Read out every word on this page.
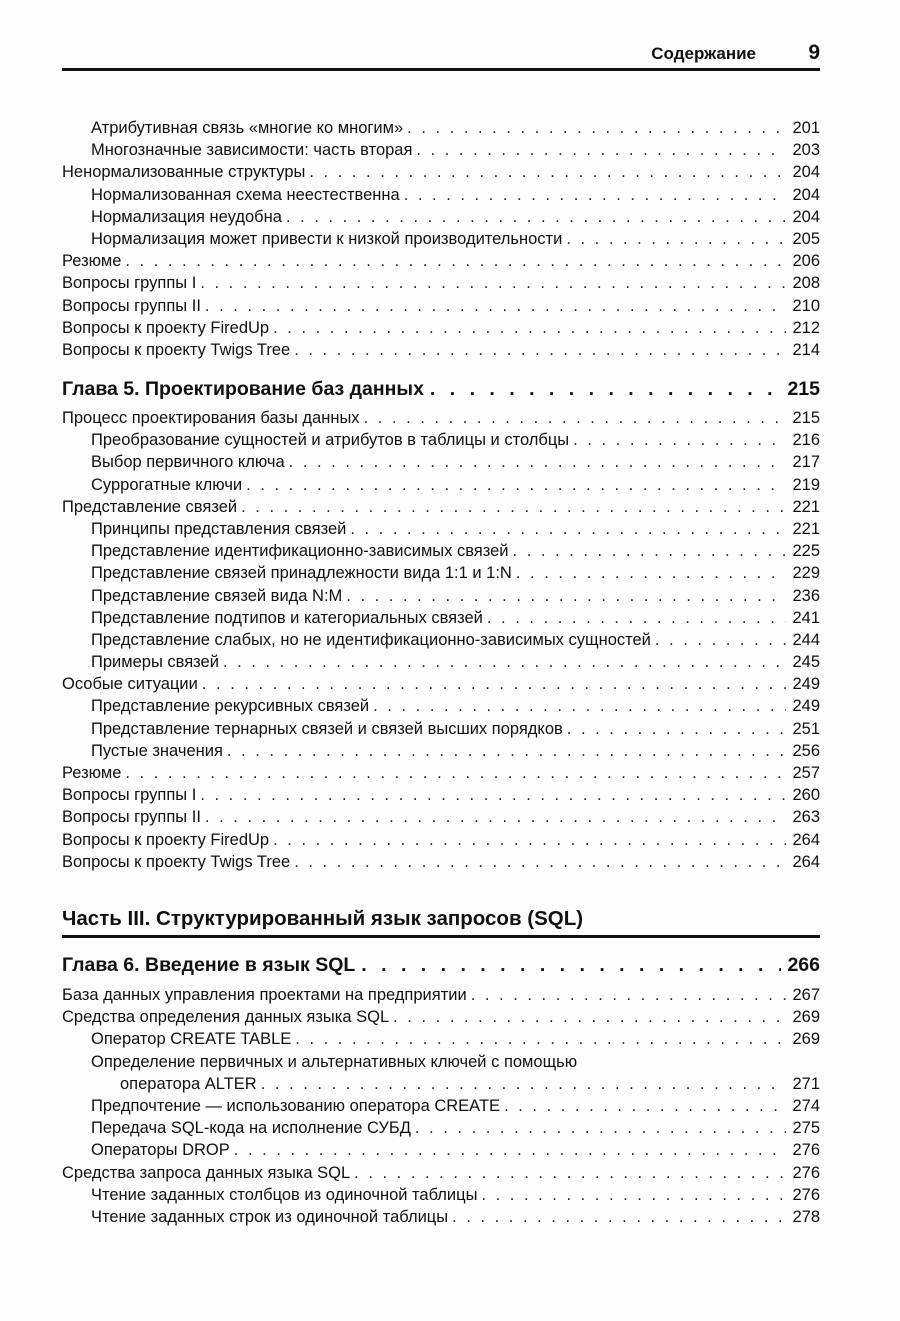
Содержание 9
Атрибутивная связь «многие ко многим» . . .	201
Многозначные зависимости: часть вторая . . .	203
Ненормализованные структуры . . .	204
Нормализованная схема неестественна . . .	204
Нормализация неудобна . . .	204
Нормализация может привести к низкой производительности . . .	205
Резюме . . .	206
Вопросы группы I . . .	208
Вопросы группы II . . .	210
Вопросы к проекту FiredUp . . .	212
Вопросы к проекту Twigs Tree . . .	214
Глава 5. Проектирование баз данных . . .	215
Процесс проектирования базы данных . . .	215
Преобразование сущностей и атрибутов в таблицы и столбцы . . .	216
Выбор первичного ключа . . .	217
Суррогатные ключи . . .	219
Представление связей . . .	221
Принципы представления связей . . .	221
Представление идентификационно-зависимых связей . . .	225
Представление связей принадлежности вида 1:1 и 1:N . . .	229
Представление связей вида N:M . . .	236
Представление подтипов и категориальных связей . . .	241
Представление слабых, но не идентификационно-зависимых сущностей . . .	244
Примеры связей . . .	245
Особые ситуации . . .	249
Представление рекурсивных связей . . .	249
Представление тернарных связей и связей высших порядков . . .	251
Пустые значения . . .	256
Резюме . . .	257
Вопросы группы I . . .	260
Вопросы группы II . . .	263
Вопросы к проекту FiredUp . . .	264
Вопросы к проекту Twigs Tree . . .	264
Часть III. Структурированный язык запросов (SQL)
Глава 6. Введение в язык SQL . . .	266
База данных управления проектами на предприятии . . .	267
Средства определения данных языка SQL . . .	269
Оператор CREATE TABLE . . .	269
Определение первичных и альтернативных ключей с помощью
оператора ALTER . . .	271
Предпочтение — использованию оператора CREATE . . .	274
Передача SQL-кода на исполнение СУБД . . .	275
Операторы DROP . . .	276
Средства запроса данных языка SQL . . .	276
Чтение заданных столбцов из одиночной таблицы . . .	276
Чтение заданных строк из одиночной таблицы . . .	278
